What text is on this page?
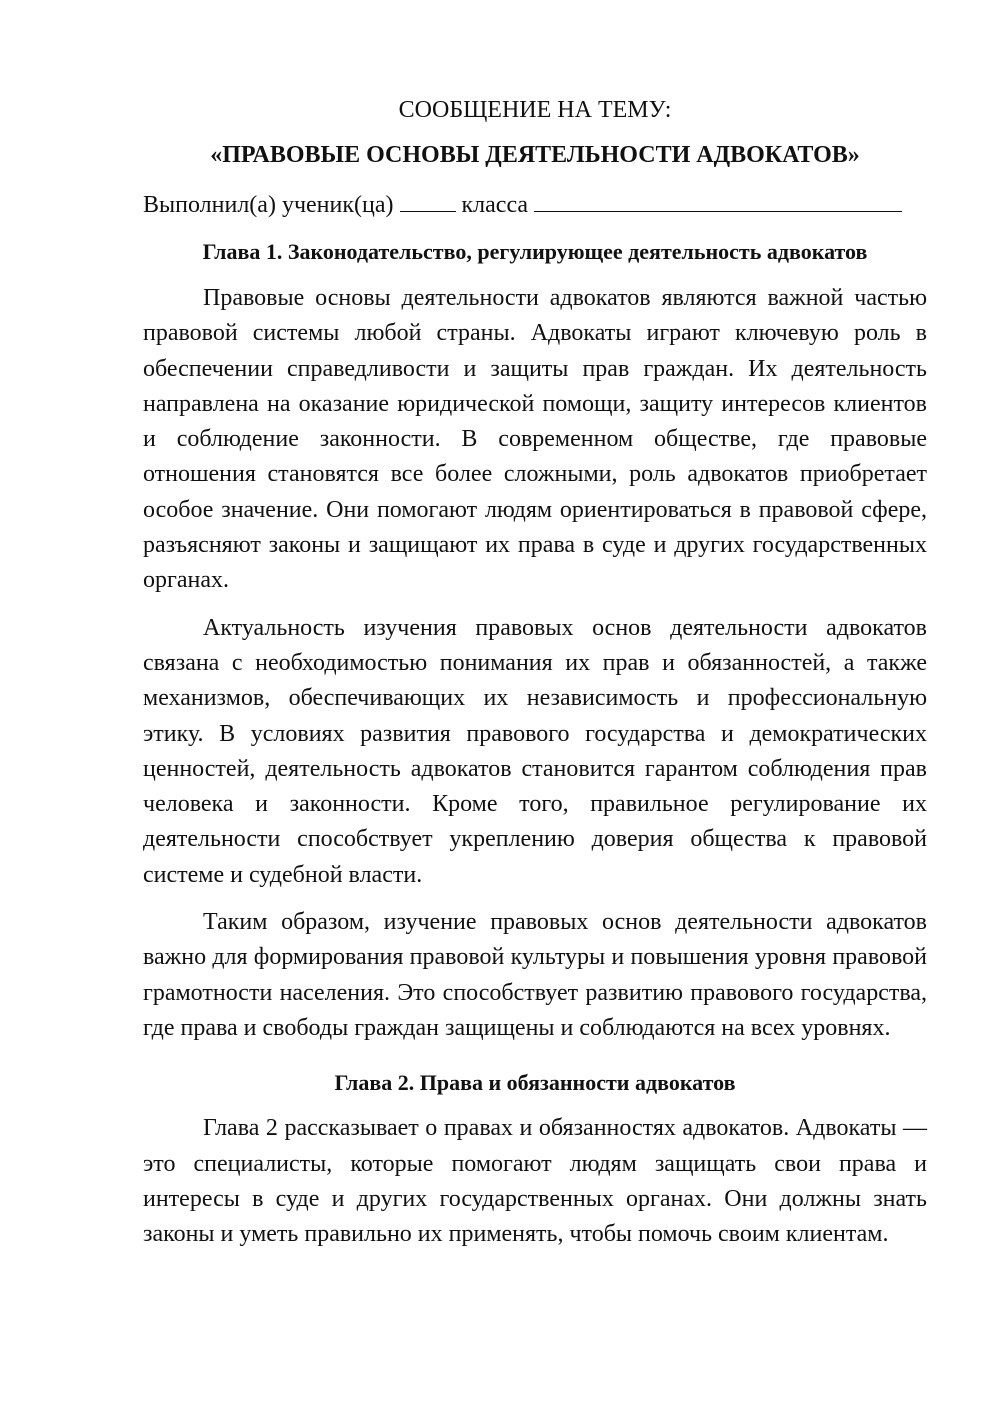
СООБЩЕНИЕ НА ТЕМУ:

«ПРАВОВЫЕ ОСНОВЫ ДЕЯТЕЛЬНОСТИ АДВОКАТОВ»

Выполнил(а) ученик(ца)	класса

Глава 1. Законодательство, регулирующее деятельность адвокатов

Правовые основы деятельности адвокатов являются важной частью правовой системы любой страны. Адвокаты играют ключевую роль в обеспечении справедливости и защиты прав граждан. Их деятельность направлена на оказание юридической помощи, защиту интересов клиентов и соблюдение законности. В современном обществе, где правовые отношения становятся все более сложными, роль адвокатов приобретает особое значение. Они помогают людям ориентироваться в правовой сфере, разъясняют законы и защищают их права в суде и других государственных органах.

Актуальность изучения правовых основ деятельности адвокатов связана с необходимостью понимания их прав и обязанностей, а также механизмов, обеспечивающих их независимость и профессиональную этику. В условиях развития правового государства и демократических ценностей, деятельность адвокатов становится гарантом соблюдения прав человека и законности. Кроме того, правильное регулирование их деятельности способствует укреплению доверия общества к правовой системе и судебной власти.

Таким образом, изучение правовых основ деятельности адвокатов важно для формирования правовой культуры и повышения уровня правовой грамотности населения. Это способствует развитию правового государства, где права и свободы граждан защищены и соблюдаются на всех уровнях.

Глава 2. Права и обязанности адвокатов

Глава 2 рассказывает о правах и обязанностях адвокатов. Адвокаты — это специалисты, которые помогают людям защищать свои права и интересы в суде и других государственных органах. Они должны знать законы и уметь правильно их применять, чтобы помочь своим клиентам.
